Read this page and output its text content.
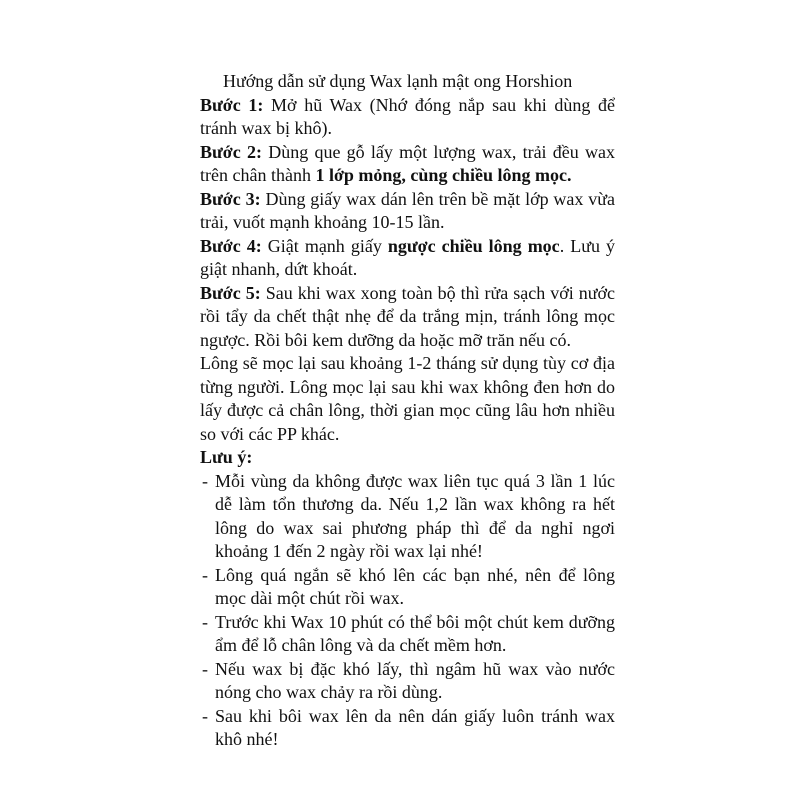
Hướng dẫn sử dụng Wax lạnh mật ong Horshion

Bước 1: Mở hũ Wax (Nhớ đóng nắp sau khi dùng để tránh wax bị khô).

Bước 2: Dùng que gỗ lấy một lượng wax, trải đều wax trên chân thành 1 lớp mỏng, cùng chiều lông mọc.

Bước 3: Dùng giấy wax dán lên trên bề mặt lớp wax vừa trải, vuốt mạnh khoảng 10-15 lần.

Bước 4: Giật mạnh giấy ngược chiều lông mọc. Lưu ý giật nhanh, dứt khoát.

Bước 5: Sau khi wax xong toàn bộ thì rửa sạch với nước rồi tẩy da chết thật nhẹ để da trắng mịn, tránh lông mọc ngược. Rồi bôi kem dưỡng da hoặc mỡ trăn nếu có.

Lông sẽ mọc lại sau khoảng 1-2 tháng sử dụng tùy cơ địa từng người. Lông mọc lại sau khi wax không đen hơn do lấy được cả chân lông, thời gian mọc cũng lâu hơn nhiều so với các PP khác.

Lưu ý:

- Mỗi vùng da không được wax liên tục quá 3 lần 1 lúc dễ làm tổn thương da. Nếu 1,2 lần wax không ra hết lông do wax sai phương pháp thì để da nghỉ ngơi khoảng 1 đến 2 ngày rồi wax lại nhé!
- Lông quá ngắn sẽ khó lên các bạn nhé, nên để lông mọc dài một chút rồi wax.
- Trước khi Wax 10 phút có thể bôi một chút kem dưỡng ẩm để lỗ chân lông và da chết mềm hơn.
- Nếu wax bị đặc khó lấy, thì ngâm hũ wax vào nước nóng cho wax chảy ra rồi dùng.
- Sau khi bôi wax lên da nên dán giấy luôn tránh wax khô nhé!
